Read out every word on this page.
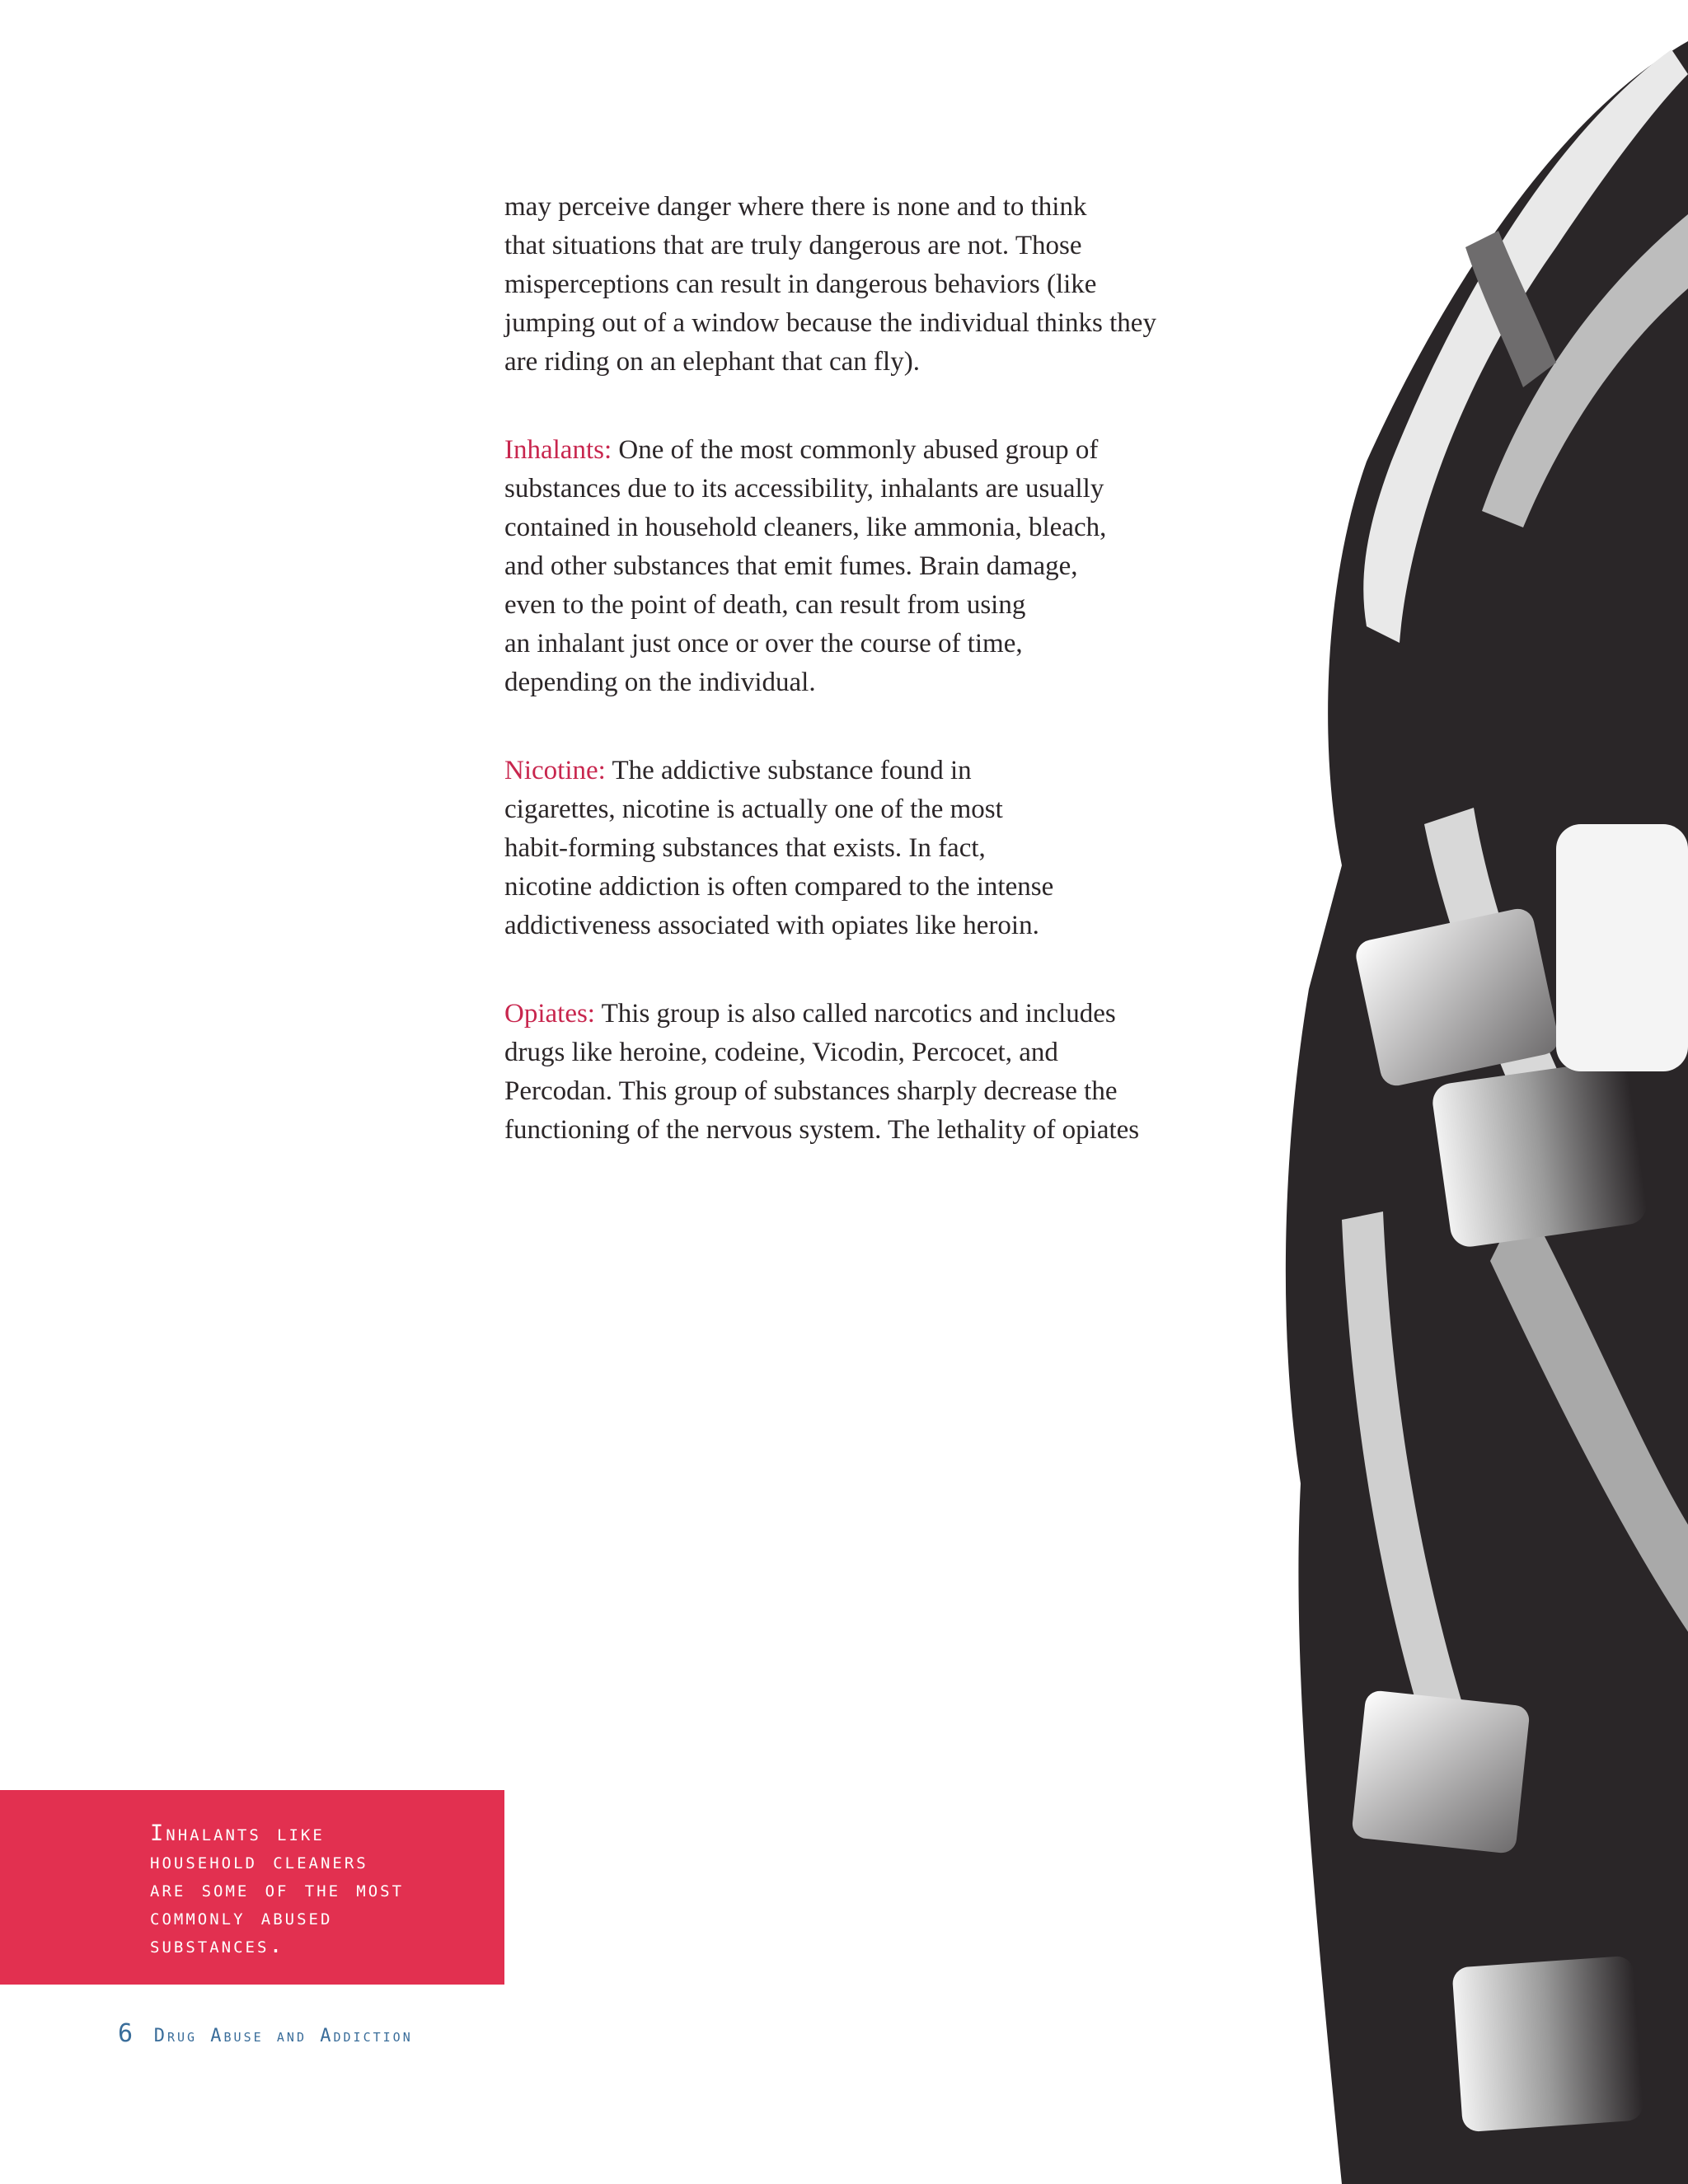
may perceive danger where there is none and to think
that situations that are truly dangerous are not. Those
misperceptions can result in dangerous behaviors (like
jumping out of a window because the individual thinks they
are riding on an elephant that can fly).

Inhalants: One of the most commonly abused group of
substances due to its accessibility, inhalants are usually
contained in household cleaners, like ammonia, bleach,
and other substances that emit fumes. Brain damage,
even to the point of death, can result from using
an inhalant just once or over the course of time,
depending on the individual.

Nicotine: The addictive substance found in
cigarettes, nicotine is actually one of the most
habit-forming substances that exists. In fact,
nicotine addiction is often compared to the intense
addictiveness associated with opiates like heroin.

Opiates: This group is also called narcotics and includes
drugs like heroine, codeine, Vicodin, Percocet, and
Percodan. This group of substances sharply decrease the
functioning of the nervous system. The lethality of opiates

Inhalants like
household cleaners
are some of the most
commonly abused
substances.
6 Drug Abuse and Addiction
